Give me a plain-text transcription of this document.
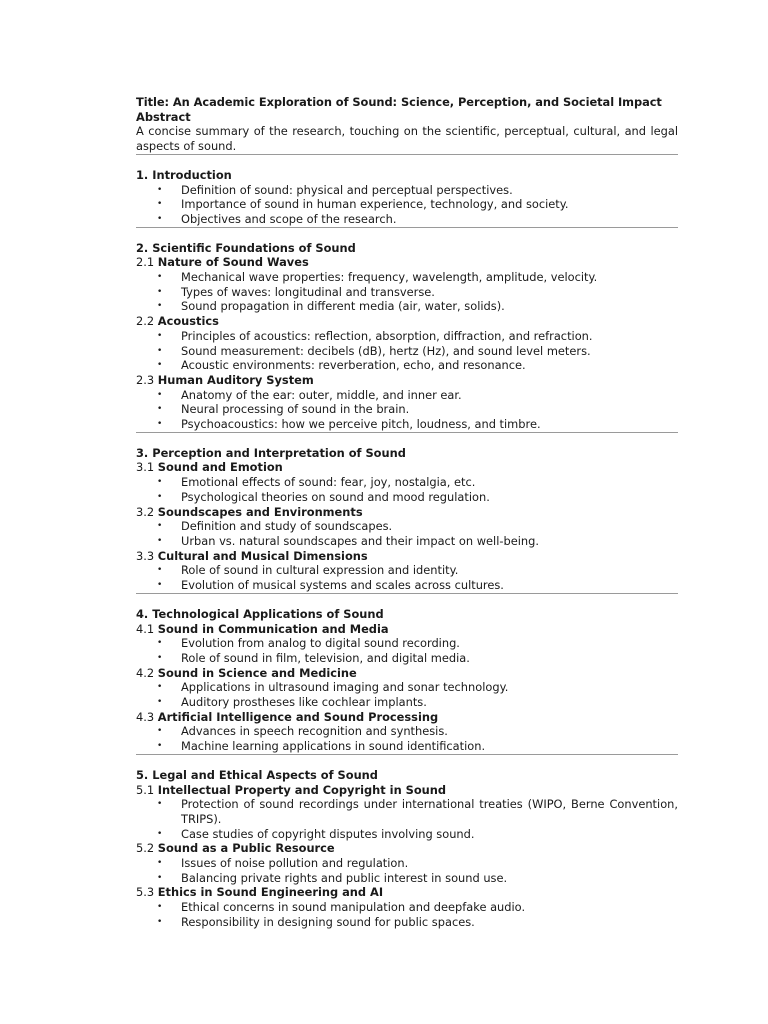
Title: An Academic Exploration of Sound: Science, Perception, and Societal Impact
Abstract
A concise summary of the research, touching on the scientific, perceptual, cultural, and legal aspects of sound.
1. Introduction
• Definition of sound: physical and perceptual perspectives.
• Importance of sound in human experience, technology, and society.
• Objectives and scope of the research.
2. Scientific Foundations of Sound
2.1 Nature of Sound Waves
• Mechanical wave properties: frequency, wavelength, amplitude, velocity.
• Types of waves: longitudinal and transverse.
• Sound propagation in different media (air, water, solids).
2.2 Acoustics
• Principles of acoustics: reflection, absorption, diffraction, and refraction.
• Sound measurement: decibels (dB), hertz (Hz), and sound level meters.
• Acoustic environments: reverberation, echo, and resonance.
2.3 Human Auditory System
• Anatomy of the ear: outer, middle, and inner ear.
• Neural processing of sound in the brain.
• Psychoacoustics: how we perceive pitch, loudness, and timbre.
3. Perception and Interpretation of Sound
3.1 Sound and Emotion
• Emotional effects of sound: fear, joy, nostalgia, etc.
• Psychological theories on sound and mood regulation.
3.2 Soundscapes and Environments
• Definition and study of soundscapes.
• Urban vs. natural soundscapes and their impact on well-being.
3.3 Cultural and Musical Dimensions
• Role of sound in cultural expression and identity.
• Evolution of musical systems and scales across cultures.
4. Technological Applications of Sound
4.1 Sound in Communication and Media
• Evolution from analog to digital sound recording.
• Role of sound in film, television, and digital media.
4.2 Sound in Science and Medicine
• Applications in ultrasound imaging and sonar technology.
• Auditory prostheses like cochlear implants.
4.3 Artificial Intelligence and Sound Processing
• Advances in speech recognition and synthesis.
• Machine learning applications in sound identification.
5. Legal and Ethical Aspects of Sound
5.1 Intellectual Property and Copyright in Sound
• Protection of sound recordings under international treaties (WIPO, Berne Convention, TRIPS).
• Case studies of copyright disputes involving sound.
5.2 Sound as a Public Resource
• Issues of noise pollution and regulation.
• Balancing private rights and public interest in sound use.
5.3 Ethics in Sound Engineering and AI
• Ethical concerns in sound manipulation and deepfake audio.
• Responsibility in designing sound for public spaces.
